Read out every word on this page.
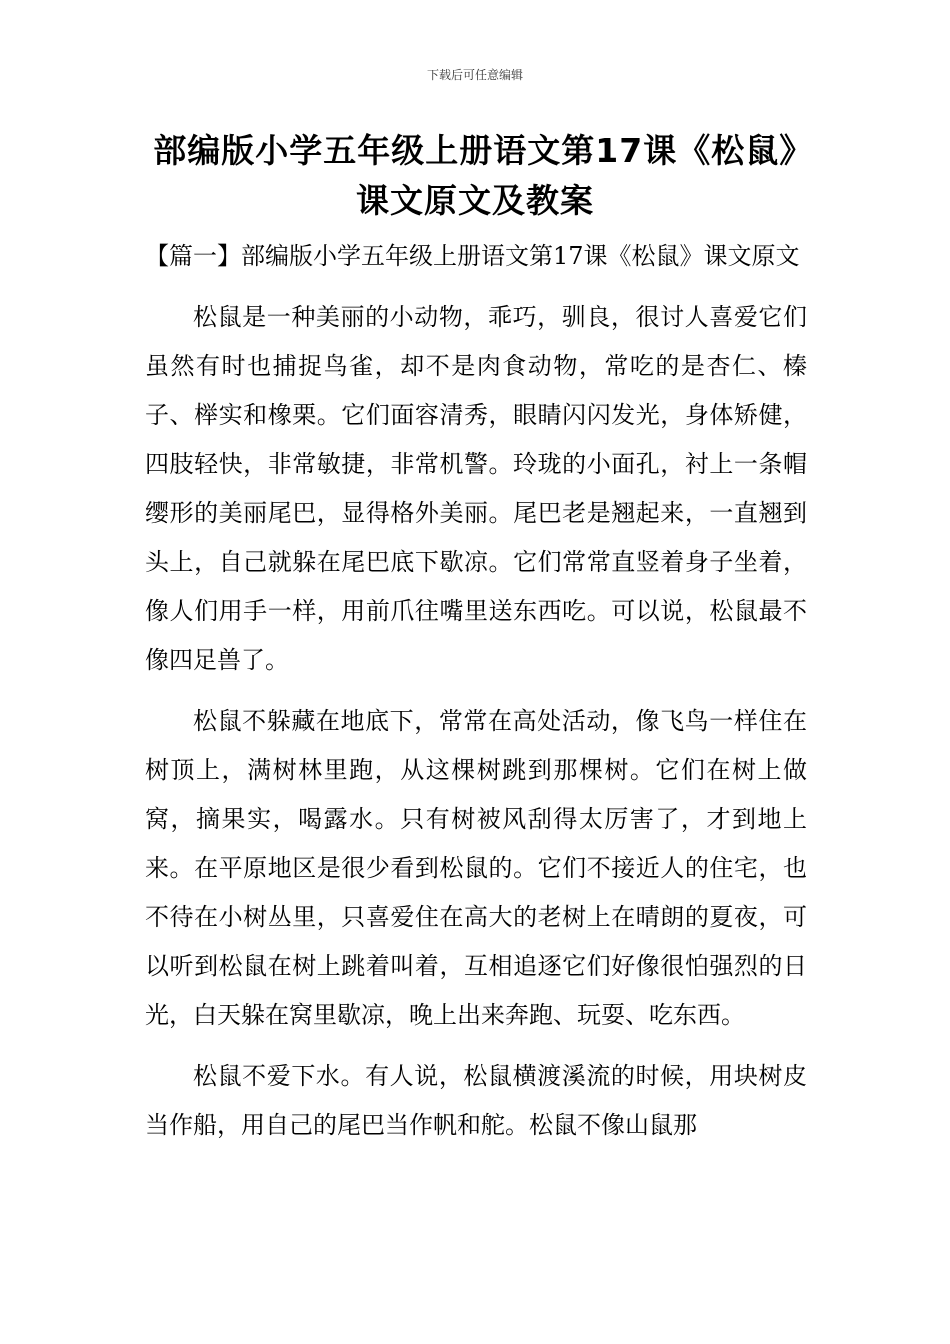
下载后可任意编辑
部编版小学五年级上册语文第17课《松鼠》课文原文及教案

【篇一】部编版小学五年级上册语文第17课《松鼠》课文原文

松鼠是一种美丽的小动物，乖巧，驯良，很讨人喜爱它们虽然有时也捕捉鸟雀，却不是肉食动物，常吃的是杏仁、榛子、榉实和橡栗。它们面容清秀，眼睛闪闪发光，身体矫健，四肢轻快，非常敏捷，非常机警。玲珑的小面孔，衬上一条帽缨形的美丽尾巴，显得格外美丽。尾巴老是翘起来，一直翘到头上，自己就躲在尾巴底下歇凉。它们常常直竖着身子坐着，像人们用手一样，用前爪往嘴里送东西吃。可以说，松鼠最不像四足兽了。

松鼠不躲藏在地底下，常常在高处活动，像飞鸟一样住在树顶上，满树林里跑，从这棵树跳到那棵树。它们在树上做窝，摘果实，喝露水。只有树被风刮得太厉害了，才到地上来。在平原地区是很少看到松鼠的。它们不接近人的住宅，也不待在小树丛里，只喜爱住在高大的老树上在晴朗的夏夜，可以听到松鼠在树上跳着叫着，互相追逐它们好像很怕强烈的日光，白天躲在窝里歇凉，晚上出来奔跑、玩耍、吃东西。

松鼠不爱下水。有人说，松鼠横渡溪流的时候，用块树皮当作船，用自己的尾巴当作帆和舵。松鼠不像山鼠那
